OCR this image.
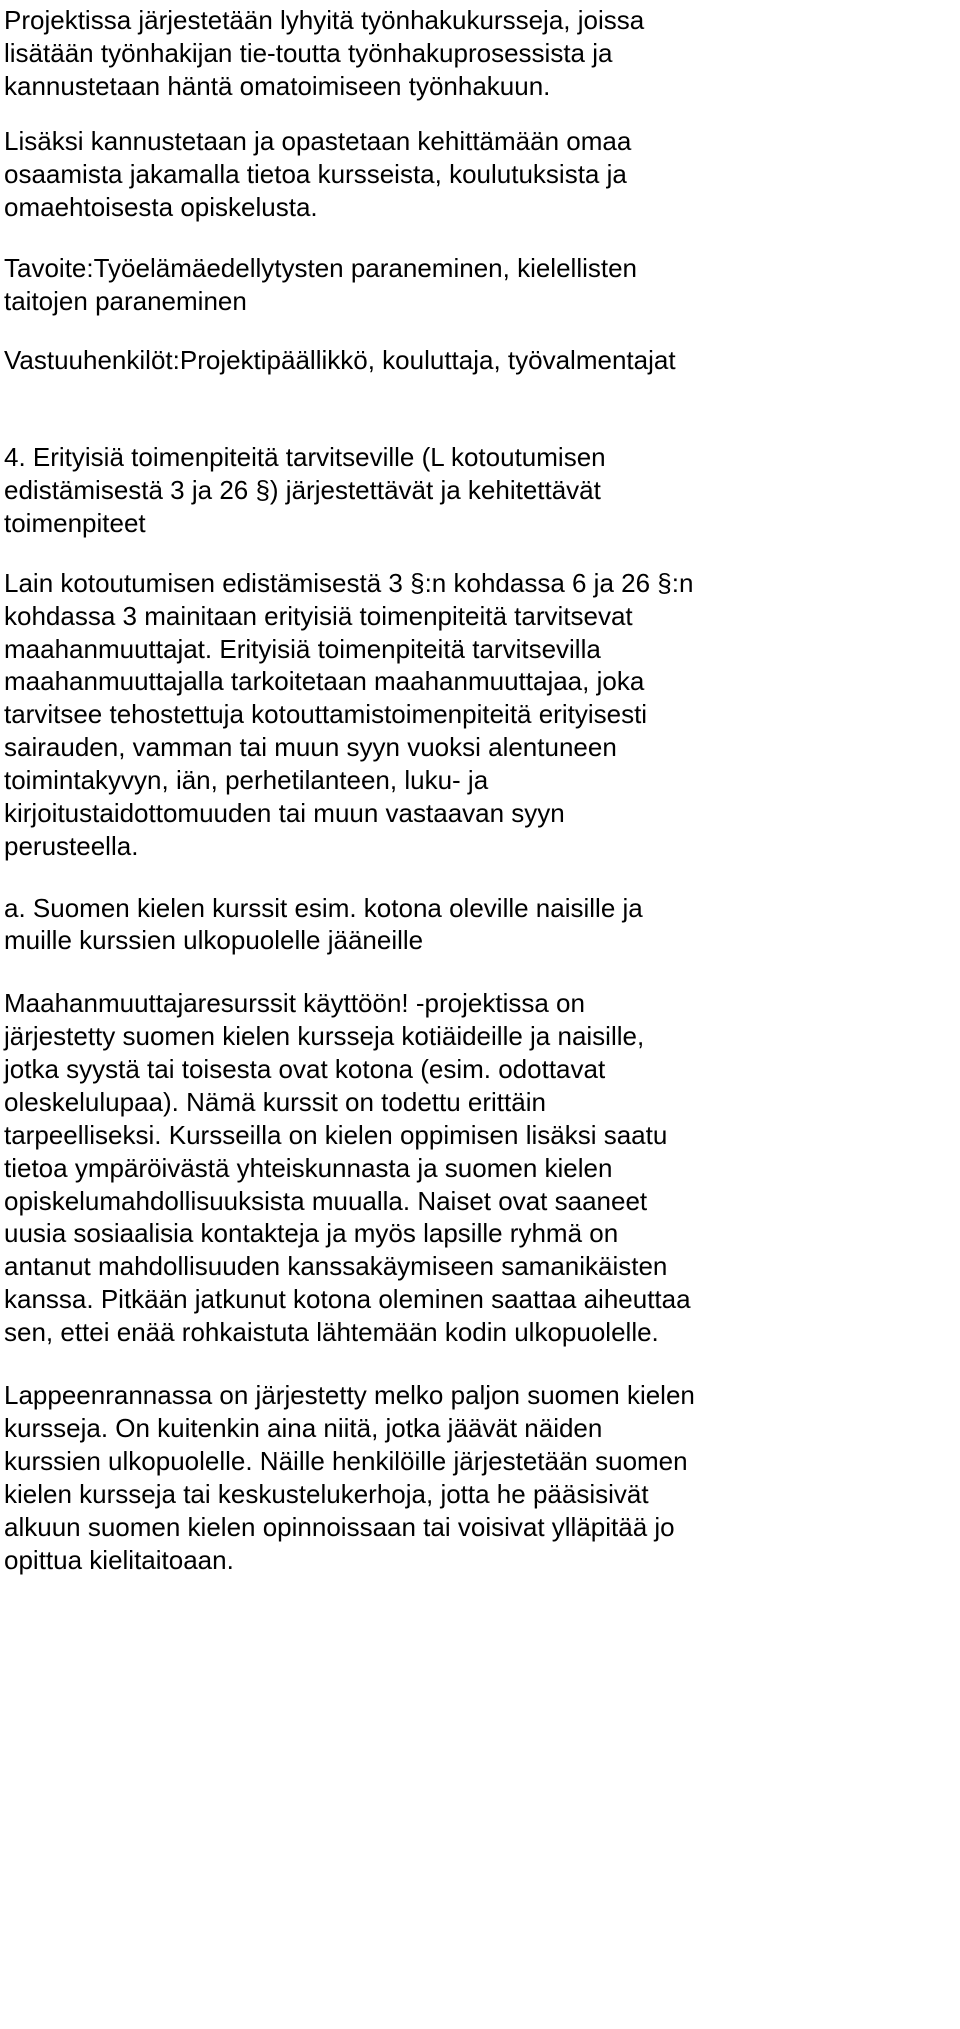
Projektissa järjestetään lyhyitä työnhakukursseja, joissa

lisätään työnhakijan tie-toutta työnhakuprosessista ja

kannustetaan häntä omatoimiseen työnhakuun.

Lisäksi kannustetaan ja opastetaan kehittämään omaa

osaamista jakamalla tietoa kursseista, koulutuksista ja

omaehtoisesta opiskelusta.

Tavoite:Työelämäedellytysten paraneminen, kielellisten

taitojen paraneminen

Vastuuhenkilöt:Projektipäällikkö, kouluttaja, työvalmentajat

4. Erityisiä toimenpiteitä tarvitseville (L kotoutumisen

edistämisestä 3 ja 26 §) järjestettävät ja kehitettävät

toimenpiteet

Lain kotoutumisen edistämisestä 3 §:n kohdassa 6 ja 26 §:n

kohdassa 3 mainitaan erityisiä toimenpiteitä tarvitsevat

maahanmuuttajat. Erityisiä toimenpiteitä tarvitsevilla

maahanmuuttajalla tarkoitetaan maahanmuuttajaa, joka

tarvitsee tehostettuja kotouttamistoimenpiteitä erityisesti

sairauden, vamman tai muun syyn vuoksi alentuneen

toimintakyvyn, iän, perhetilanteen, luku- ja

kirjoitustaidottomuuden tai muun vastaavan syyn

perusteella.

a. Suomen kielen kurssit esim. kotona oleville naisille ja

muille kurssien ulkopuolelle jääneille

Maahanmuuttajaresurssit käyttöön! -projektissa on

järjestetty suomen kielen kursseja kotiäideille ja naisille,

jotka syystä tai toisesta ovat kotona (esim. odottavat

oleskelulupaa). Nämä kurssit on todettu erittäin

tarpeelliseksi. Kursseilla on kielen oppimisen lisäksi saatu

tietoa ympäröivästä yhteiskunnasta ja suomen kielen

opiskelumahdollisuuksista muualla. Naiset ovat saaneet

uusia sosiaalisia kontakteja ja myös lapsille ryhmä on

antanut mahdollisuuden kanssakäymiseen samanikäisten

kanssa. Pitkään jatkunut kotona oleminen saattaa aiheuttaa

sen, ettei enää rohkaistuta lähtemään kodin ulkopuolelle.

Lappeenrannassa on järjestetty melko paljon suomen kielen

kursseja. On kuitenkin aina niitä, jotka jäävät näiden

kurssien ulkopuolelle. Näille henkilöille järjestetään suomen

kielen kursseja tai keskustelukerhoja, jotta he pääsisivät

alkuun suomen kielen opinnoissaan tai voisivat ylläpitää jo

opittua kielitaitoaan.
